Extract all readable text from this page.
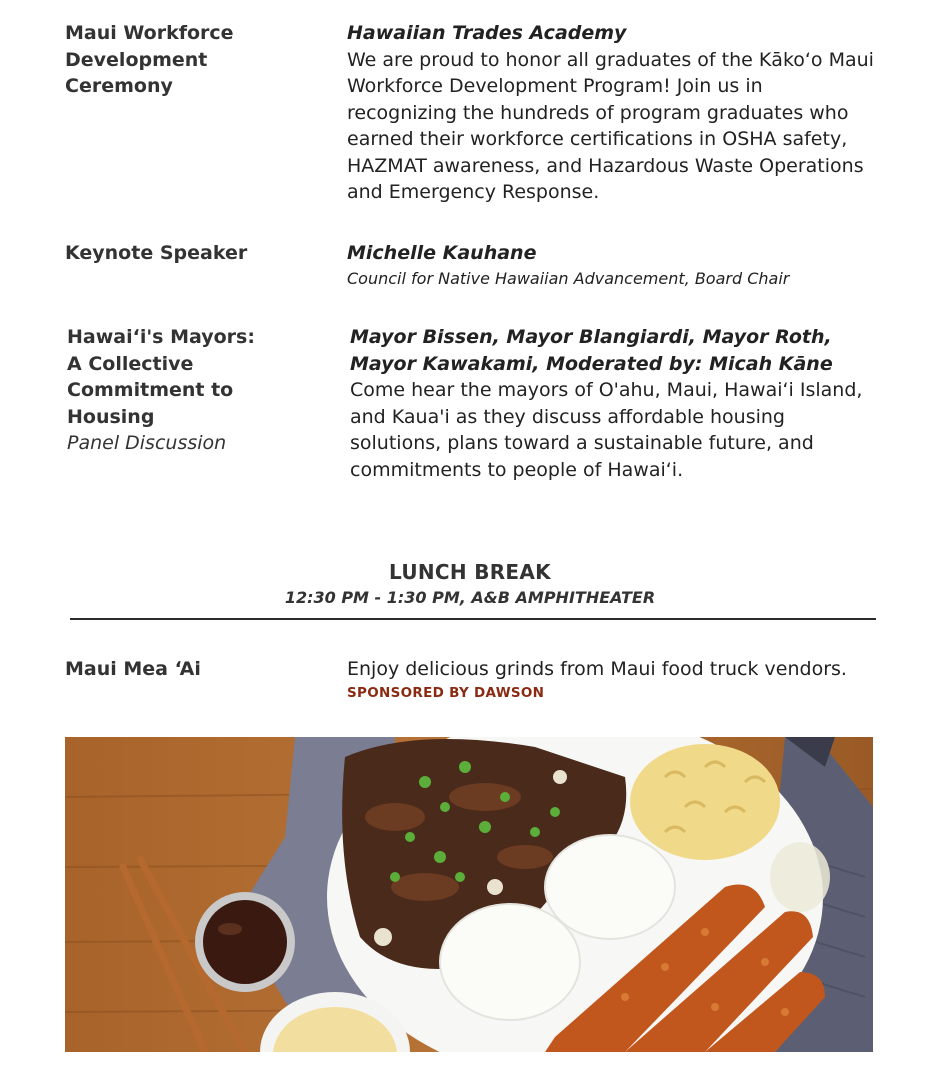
Maui Workforce Development Ceremony
Hawaiian Trades Academy
We are proud to honor all graduates of the Kākoʻo Maui Workforce Development Program! Join us in recognizing the hundreds of program graduates who earned their workforce certifications in OSHA safety, HAZMAT awareness, and Hazardous Waste Operations and Emergency Response.
Keynote Speaker	Michelle Kauhane
Council for Native Hawaiian Advancement, Board Chair
Hawaiʻi's Mayors: A Collective Commitment to Housing
Panel Discussion
Mayor Bissen, Mayor Blangiardi, Mayor Roth, Mayor Kawakami, Moderated by: Micah Kāne
Come hear the mayors of O'ahu, Maui, Hawaiʻi Island, and Kaua'i as they discuss affordable housing solutions, plans toward a sustainable future, and commitments to people of Hawaiʻi.
LUNCH BREAK
12:30 PM - 1:30 PM, A&B AMPHITHEATER
Maui Mea ʻAi	Enjoy delicious grinds from Maui food truck vendors.
SPONSORED BY DAWSON
